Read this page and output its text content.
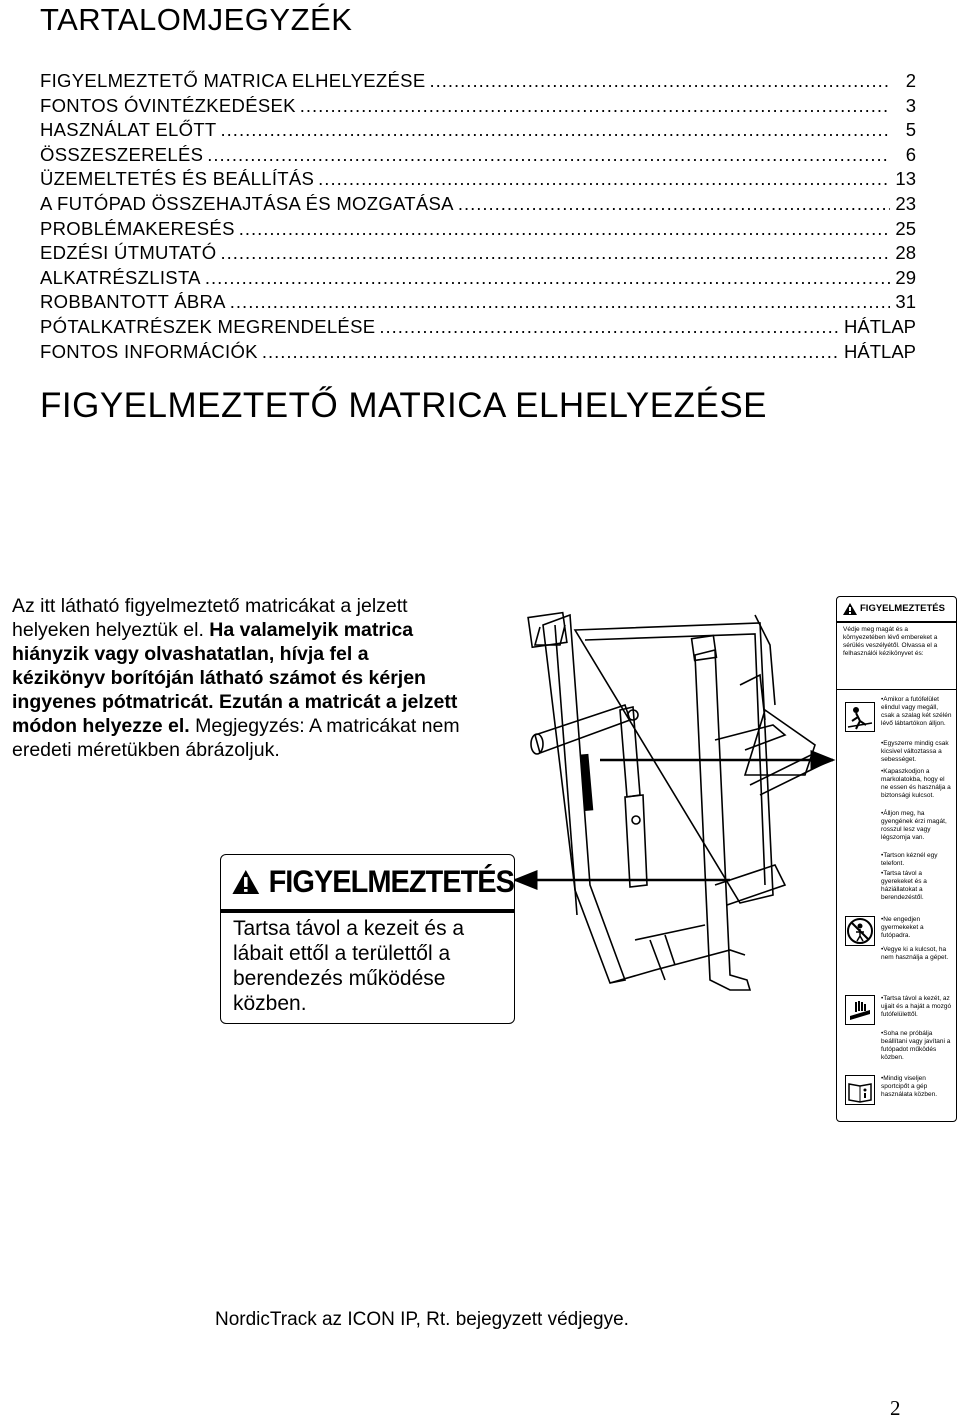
TARTALOMJEGYZÉK
FIGYELMEZTETŐ MATRICA ELHELYEZÉSE .....	2
FONTOS ÓVINTÉZKEDÉSEK .....	3
HASZNÁLAT ELŐTT .....	5
ÖSSZESZERELÉS .....	6
ÜZEMELTETÉS ÉS BEÁLLÍTÁS .....	13
A FUTÓPAD ÖSSZEHAJTÁSA ÉS MOZGATÁSA .....	23
PROBLÉMAKERESÉS .....	25
EDZÉSI ÚTMUTATÓ .....	28
ALKATRÉSZLISTA .....	29
ROBBANTOTT ÁBRA .....	31
PÓTALKATRÉSZEK MEGRENDELÉSE .....	HÁTLAP
FONTOS INFORMÁCIÓK .....	HÁTLAP
FIGYELMEZTETŐ MATRICA ELHELYEZÉSE
Az itt látható figyelmeztető matricákat a jelzett helyeken helyeztük el. Ha valamelyik matrica hiányzik vagy olvashatatlan, hívja fel a kézikönyv borítóján látható számot és kérjen ingyenes pótmatricát. Ezután a matricát a jelzett módon helyezze el. Megjegyzés: A matricákat nem eredeti méretükben ábrázoljuk.
FIGYELMEZTETÉS
Tartsa távol a kezeit és a lábait ettől a területtől a berendezés működése közben.
FIGYELMEZTETÉS
Védje meg magát és a környezetében lévő embereket a sérülés veszélyétől. Olvassa el a felhasználói kézikönyvet és:
•Amikor a futófelület elindul vagy megáll, csak a szalag két szélén lévő lábtartókon álljon.
•Egyszerre mindig csak kicsivel változtassa a sebességet.
•Kapaszkodjon a markolatokba, hogy el ne essen és használja a biztonsági kulcsot.
•Álljon meg, ha gyengének érzi magát, rosszul lesz vagy légszomja van.
•Tartson kéznél egy telefont.
•Tartsa távol a gyerekeket és a háziállatokat a berendezéstől.
•Ne engedjen gyermekeket a futópadra.
•Vegye ki a kulcsot, ha nem használja a gépet.
•Tartsa távol a kezét, az ujjait és a haját a mozgó futófelülettől.
•Soha ne próbálja beállítani vagy javítani a futópadot működés közben.
•Mindig viseljen sportcipőt a gép használata közben.
NordicTrack az ICON IP, Rt. bejegyzett védjegye.
2
